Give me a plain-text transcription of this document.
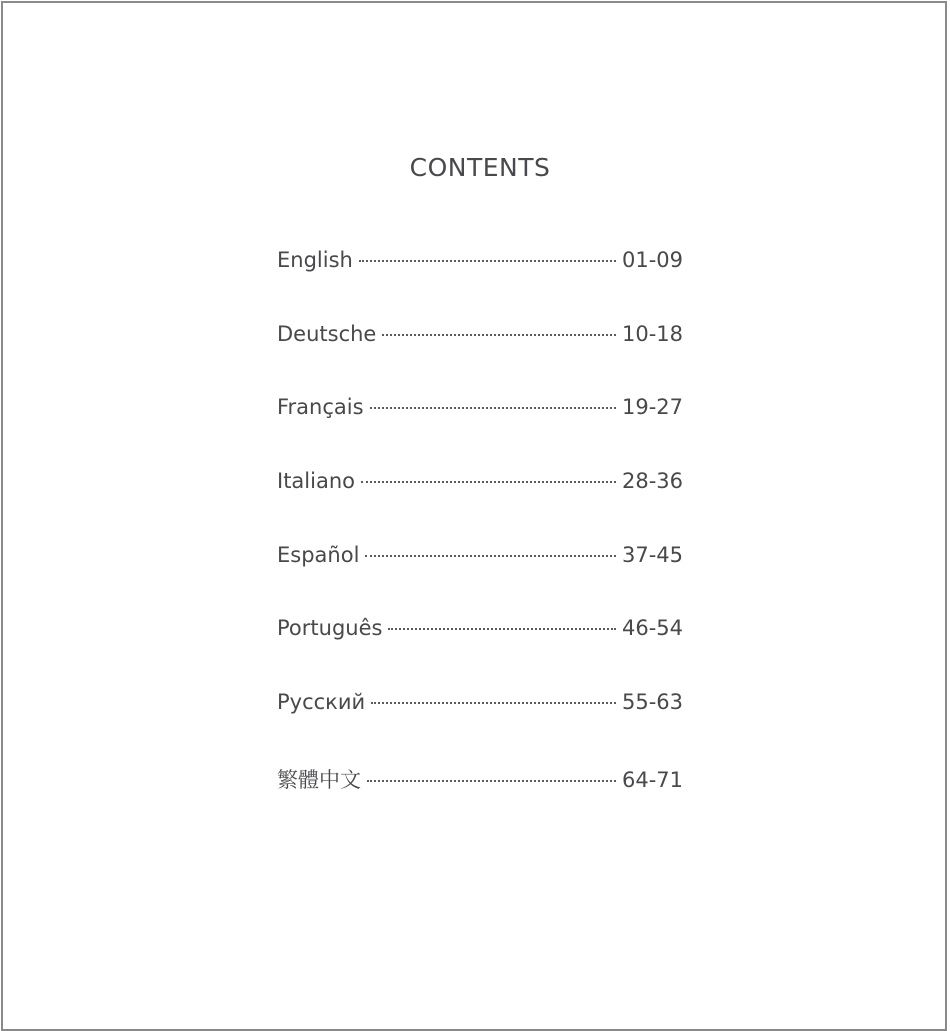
CONTENTS
English	01-09
Deutsche	10-18
Français	19-27
Italiano	28-36
Español	37-45
Português	46-54
Русский	55-63
繁體中文	64-71
